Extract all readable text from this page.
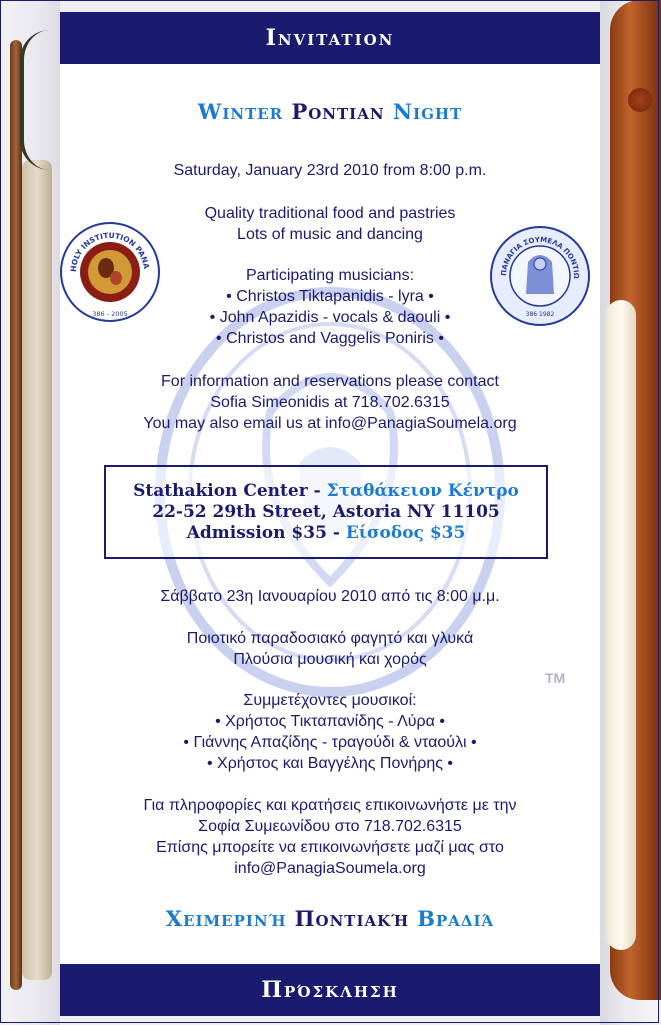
Invitation
Winter Pontian Night
Saturday, January 23rd 2010 from 8:00 p.m.
Quality traditional food and pastries
Lots of music and dancing
Participating musicians:
• Christos Tiktapanidis - lyra •
• John Apazidis - vocals & daouli •
• Christos and Vaggelis Poniris •
For information and reservations please contact
Sofia Simeonidis at 718.702.6315
You may also email us at info@PanagiaSoumela.org
HOLY INSTITUTION PANA
386 - 2005
ΠΑΝΑΓΙΑ ΣΟΥΜΕΛΑ ΠΟΝΤΙΩ
386 1982
Stathakion Center - Σταθάκειον Κέντρο
22-52 29th Street, Astoria NY 11105
Admission $35 - Είσοδος $35
Σάββατο 23η Ιανουαρίου 2010 από τις 8:00 μ.μ.
Ποιοτικό παραδοσιακό φαγητό και γλυκά
Πλούσια μουσική και χορός
TM
Συμμετέχοντες μουσικοί:
• Χρήστος Τικταπανίδης - Λύρα •
• Γιάννης Απαζίδης - τραγούδι & νταούλι •
• Χρήστος και Βαγγέλης Πονήρης •
Για πληροφορίες και κρατήσεις επικοινωνήστε με την
Σοφία Συμεωνίδου στο 718.702.6315
Επίσης μπορείτε να επικοινωνήσετε μαζί μας στο
info@PanagiaSoumela.org
Χειμερινή Ποντιακή Βραδιά
Πρόσκληση
